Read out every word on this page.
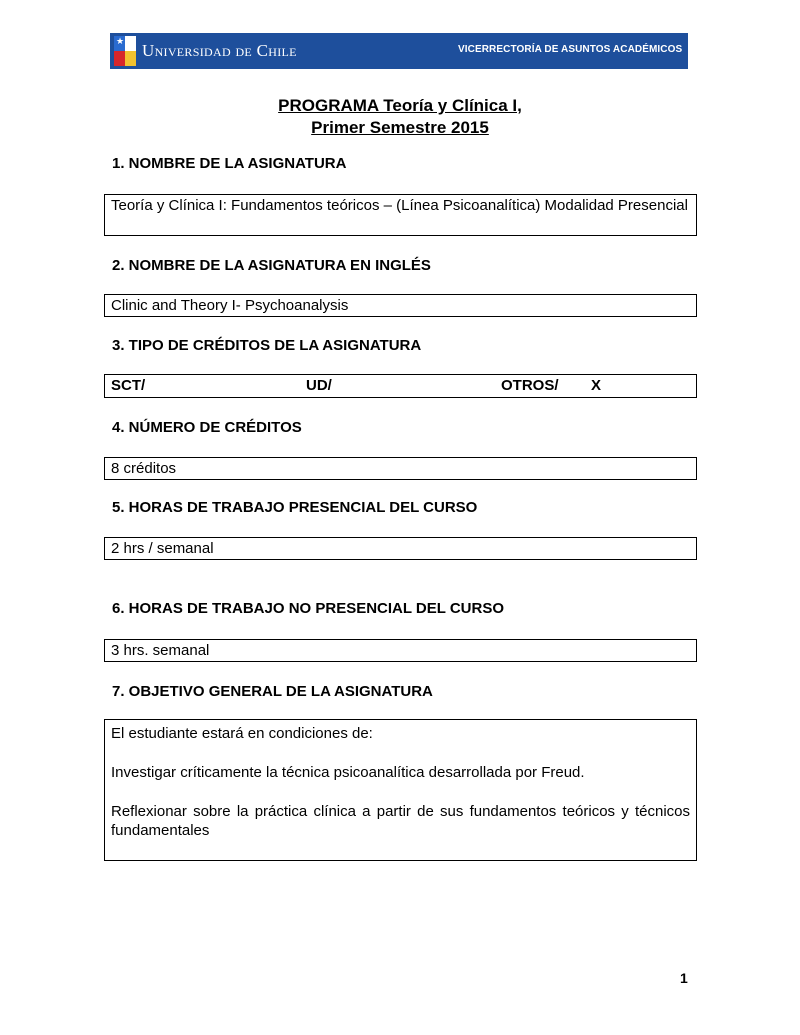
★ Universidad de Chile	VICERRECTORÍA DE ASUNTOS ACADÉMICOS
PROGRAMA Teoría y Clínica I,
Primer Semestre 2015
1. NOMBRE DE LA ASIGNATURA
Teoría y Clínica I: Fundamentos teóricos – (Línea Psicoanalítica) Modalidad Presencial
2. NOMBRE DE LA ASIGNATURA EN INGLÉS
Clinic and Theory I- Psychoanalysis
3. TIPO DE CRÉDITOS DE LA ASIGNATURA
SCT/	UD/	OTROS/	X
4. NÚMERO DE CRÉDITOS
8 créditos
5. HORAS DE TRABAJO PRESENCIAL DEL CURSO
2 hrs / semanal
6. HORAS DE TRABAJO NO PRESENCIAL DEL CURSO
3 hrs. semanal
7. OBJETIVO GENERAL DE LA ASIGNATURA

El estudiante estará en condiciones de:

Investigar críticamente la técnica psicoanalítica desarrollada por Freud.

Reflexionar sobre la práctica clínica a partir de sus fundamentos teóricos y técnicos fundamentales

1
